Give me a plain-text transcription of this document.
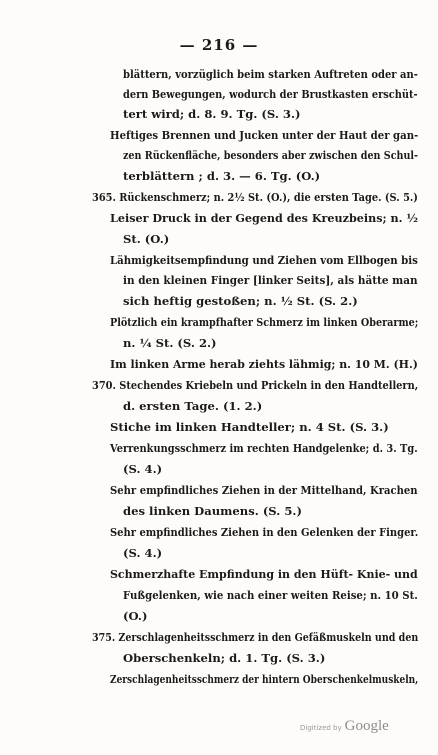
— 216 —
blättern, vorzüglich beim starken Auftreten oder an-
dern Bewegungen, wodurch der Brustkasten erschüt-
tert wird; d. 8. 9. Tg. (S. 3.)
Heftiges Brennen und Jucken unter der Haut der gan-
zen Rückenfläche, besonders aber zwischen den Schul-
terblättern ; d. 3. — 6. Tg. (O.)
365. Rückenschmerz; n. 2½ St. (O.), die ersten Tage. (S. 5.)
Leiser Druck in der Gegend des Kreuzbeins; n. ½
St. (O.)
Lähmigkeitsempfindung und Ziehen vom Ellbogen bis
in den kleinen Finger [linker Seits], als hätte man
sich heftig gestoßen; n. ½ St. (S. 2.)
Plötzlich ein krampfhafter Schmerz im linken Oberarme;
n. ¼ St. (S. 2.)
Im linken Arme herab ziehts lähmig; n. 10 M. (H.)
370. Stechendes Kriebeln und Prickeln in den Handtellern,
d. ersten Tage. (1. 2.)
Stiche im linken Handteller; n. 4 St. (S. 3.)
Verrenkungsschmerz im rechten Handgelenke; d. 3. Tg.
(S. 4.)
Sehr empfindliches Ziehen in der Mittelhand, Krachen
des linken Daumens. (S. 5.)
Sehr empfindliches Ziehen in den Gelenken der Finger.
(S. 4.)
Schmerzhafte Empfindung in den Hüft- Knie- und
Fußgelenken, wie nach einer weiten Reise; n. 10 St.
(O.)
375. Zerschlagenheitsschmerz in den Gefäßmuskeln und den
Oberschenkeln; d. 1. Tg. (S. 3.)
Zerschlagenheitsschmerz der hintern Oberschenkelmuskeln,
Digitized by Google
